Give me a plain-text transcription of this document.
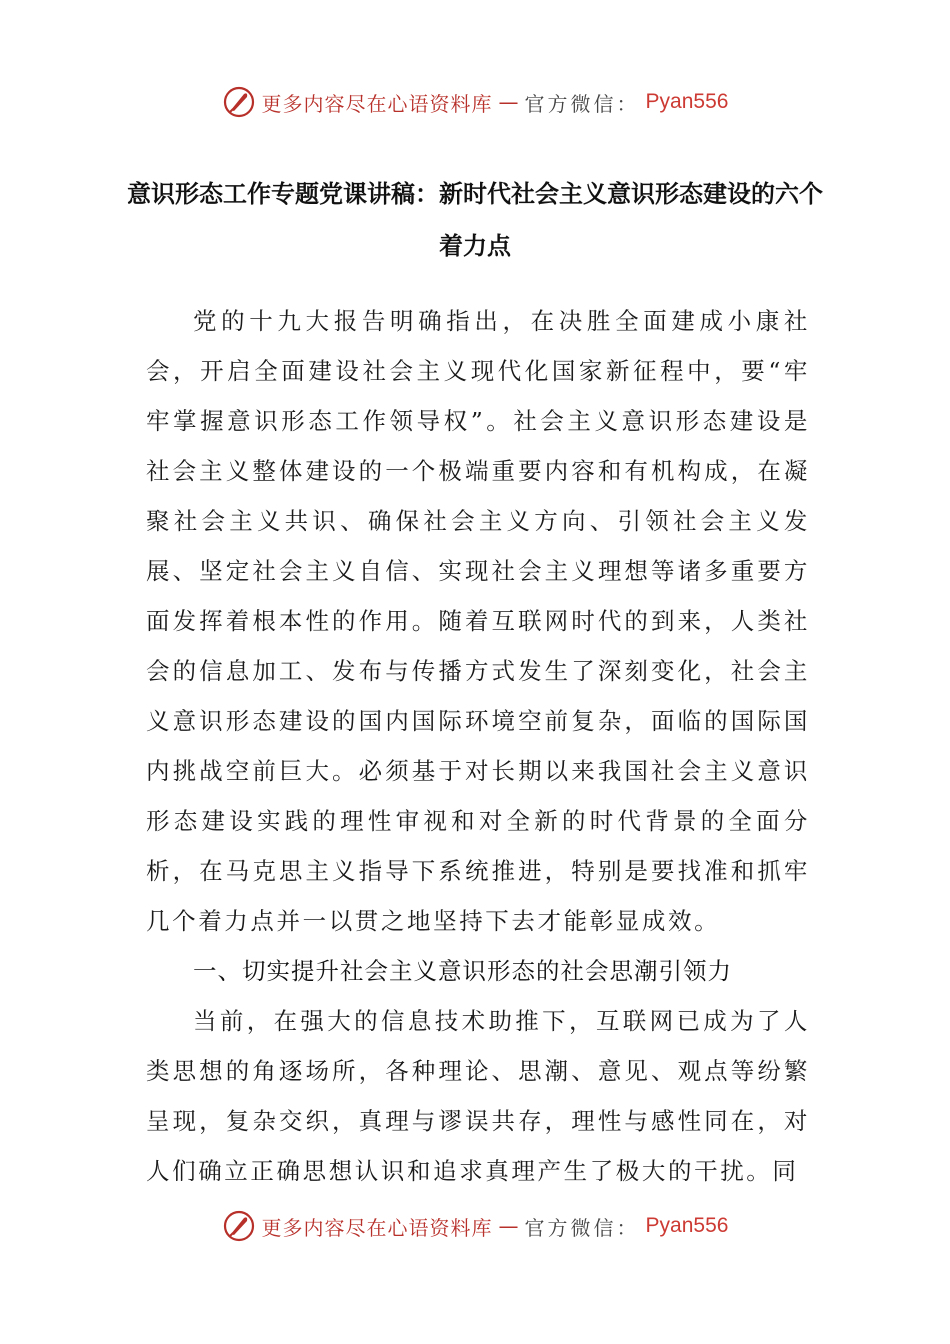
更多内容尽在心语资料库 — 官方微信： Pyan556
意识形态工作专题党课讲稿：新时代社会主义意识形态建设的六个着力点

党的十九大报告明确指出，在决胜全面建成小康社会，开启全面建设社会主义现代化国家新征程中，要“牢牢掌握意识形态工作领导权”。社会主义意识形态建设是社会主义整体建设的一个极端重要内容和有机构成，在凝聚社会主义共识、确保社会主义方向、引领社会主义发展、坚定社会主义自信、实现社会主义理想等诸多重要方面发挥着根本性的作用。随着互联网时代的到来，人类社会的信息加工、发布与传播方式发生了深刻变化，社会主义意识形态建设的国内国际环境空前复杂，面临的国际国内挑战空前巨大。必须基于对长期以来我国社会主义意识形态建设实践的理性审视和对全新的时代背景的全面分析，在马克思主义指导下系统推进，特别是要找准和抓牢几个着力点并一以贯之地坚持下去才能彰显成效。

一、切实提升社会主义意识形态的社会思潮引领力

当前，在强大的信息技术助推下，互联网已成为了人类思想的角逐场所，各种理论、思潮、意见、观点等纷繁呈现，复杂交织，真理与谬误共存，理性与感性同在，对人们确立正确思想认识和追求真理产生了极大的干扰。同

更多内容尽在心语资料库 — 官方微信： Pyan556
